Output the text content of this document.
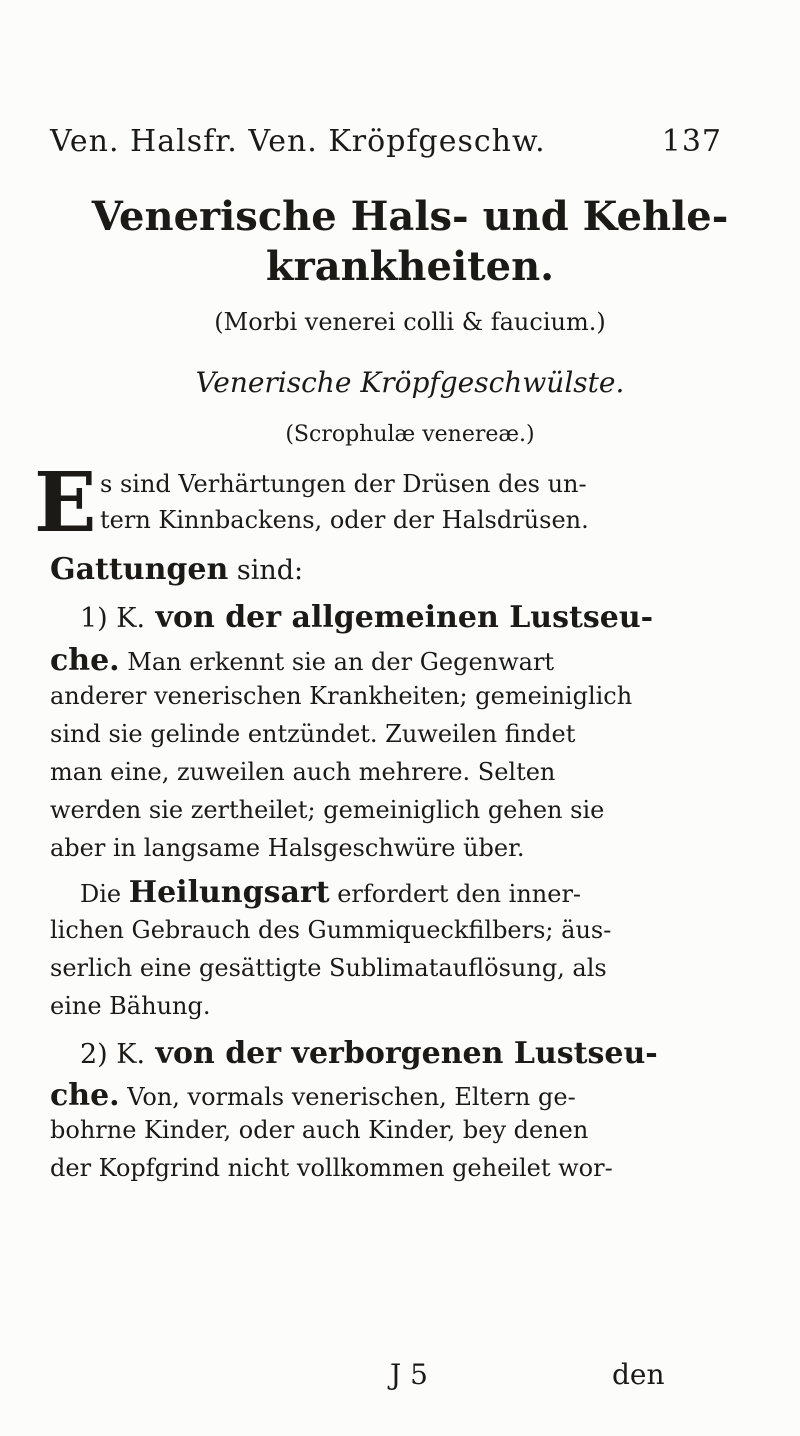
Ven. Halsfr. Ven. Kröpfgeschw.	137
Venerische Hals- und Kehle-
krankheiten.
(Morbi venerei colli & faucium.)
Venerische Kröpfgeschwülste.
(Scrophulæ venereæ.)
E s sind Verhärtungen der Drüsen des un-
tern Kinnbackens, oder der Halsdrüsen.
Gattungen sind:
1) K. von der allgemeinen Lustseu-
che. Man erkennt sie an der Gegenwart
anderer venerischen Krankheiten; gemeiniglich
sind sie gelinde entzündet. Zuweilen findet
man eine, zuweilen auch mehrere. Selten
werden sie zertheilet; gemeiniglich gehen sie
aber in langsame Halsgeschwüre über.
Die Heilungsart erfordert den inner-
lichen Gebrauch des Gummiqueckfilbers; äus-
serlich eine gesättigte Sublimatauflösung, als
eine Bähung.
2) K. von der verborgenen Lustseu-
che. Von, vormals venerischen, Eltern ge-
bohrne Kinder, oder auch Kinder, bey denen
der Kopfgrind nicht vollkommen geheilet wor-
J 5	den
